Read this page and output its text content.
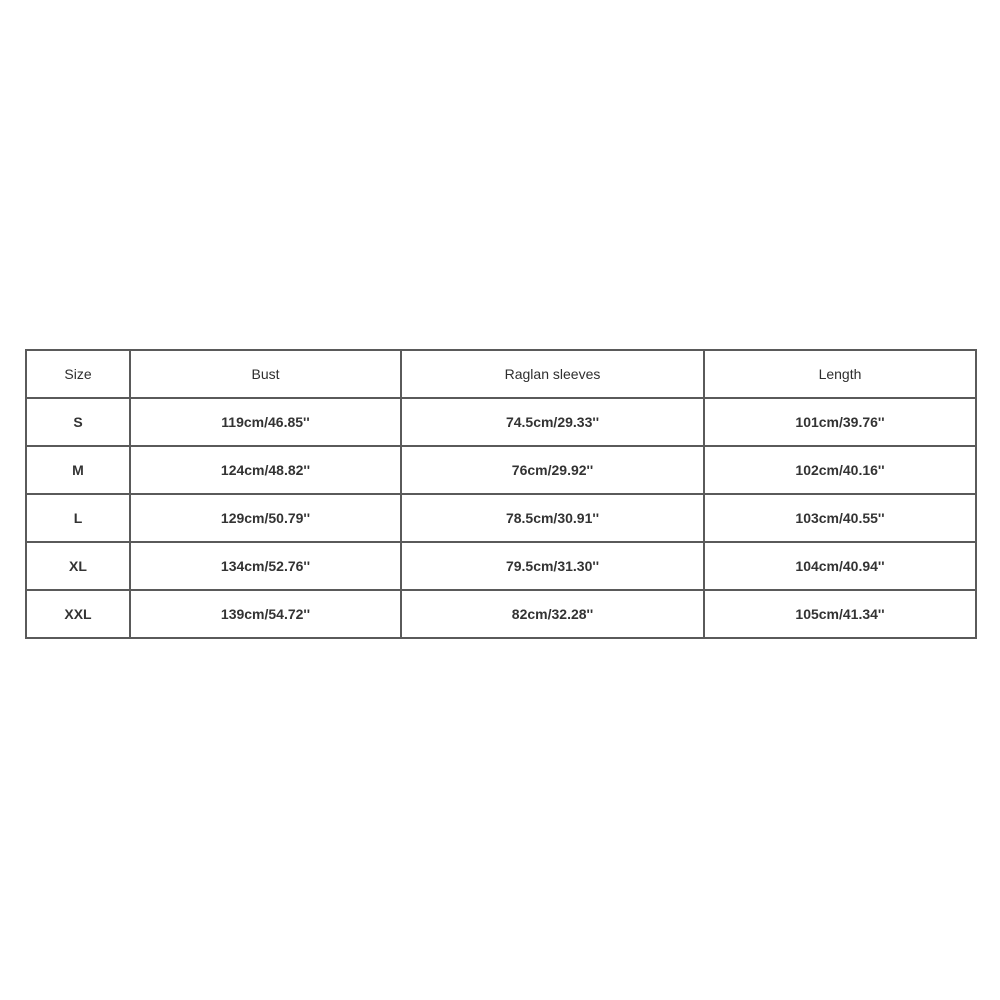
Size	Bust	Raglan sleeves	Length
S	119cm/46.85''	74.5cm/29.33''	101cm/39.76''
M	124cm/48.82''	76cm/29.92''	102cm/40.16''
L	129cm/50.79''	78.5cm/30.91''	103cm/40.55''
XL	134cm/52.76''	79.5cm/31.30''	104cm/40.94''
XXL	139cm/54.72''	82cm/32.28''	105cm/41.34''
